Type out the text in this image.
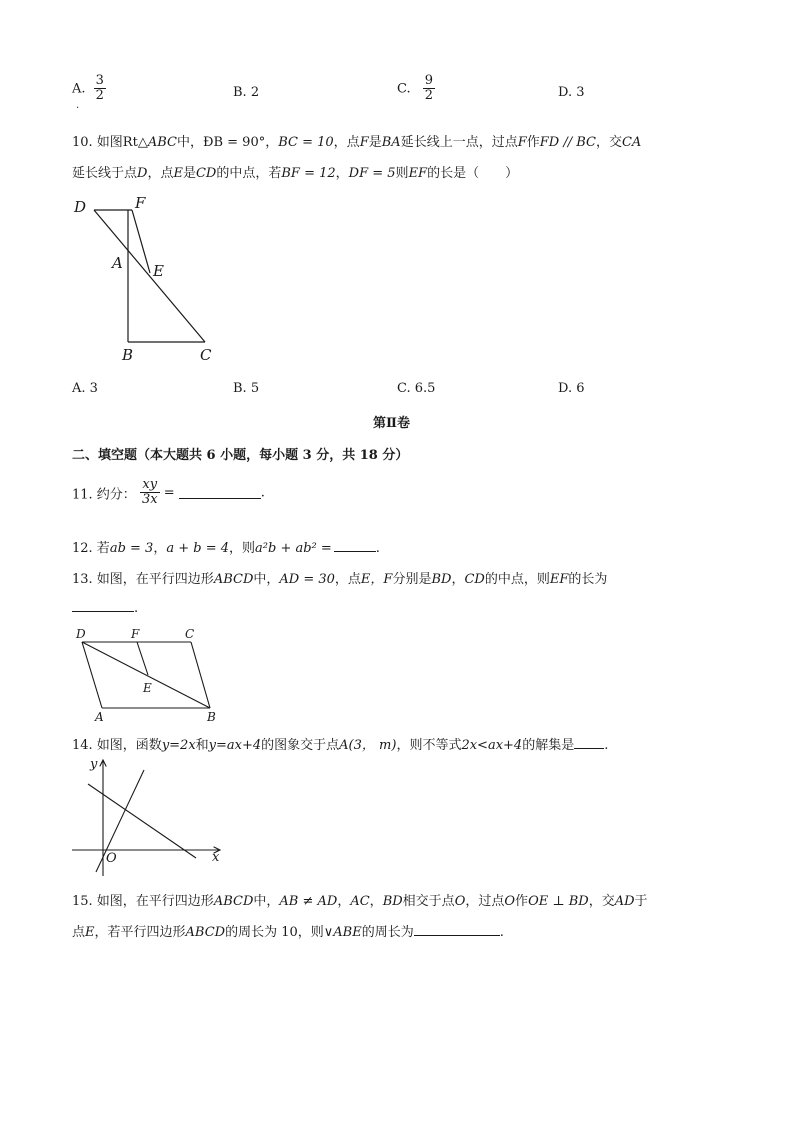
A. $\frac{3}{2}$
.
B. 2	C. $\frac{9}{2}$	D. 3
10. 如图Rt△ABC中，ÐB = 90°，BC = 10，点F是BA延长线上一点，过点F作FD // BC，交CA
延长线于点D，点E是CD的中点，若BF = 12，DF = 5则EF的长是（　　）
D	F
A E
B	C
A. 3	B. 5	C. 6.5	D. 6
第Ⅱ卷
二、填空题（本大题共 6 小题，每小题 3 分，共 18 分）
11. 约分： $\frac{xy}{3x}$ =	.
12. 若ab = 3，a + b = 4，则a²b + ab² =	.
13. 如图，在平行四边形ABCD中，AD = 30，点E，F分别是BD，CD的中点，则EF的长为
.
D	F	C
E
A	B
14. 如图，函数y=2x和y=ax+4的图象交于点A(3， m)，则不等式2x<ax+4的解集是 .
y
x
O
15. 如图，在平行四边形ABCD中，AB ≠ AD，AC，BD相交于点O，过点O作OE ⊥ BD，交AD于
点E，若平行四边形ABCD的周长为 10，则∨ABE的周长为	.
